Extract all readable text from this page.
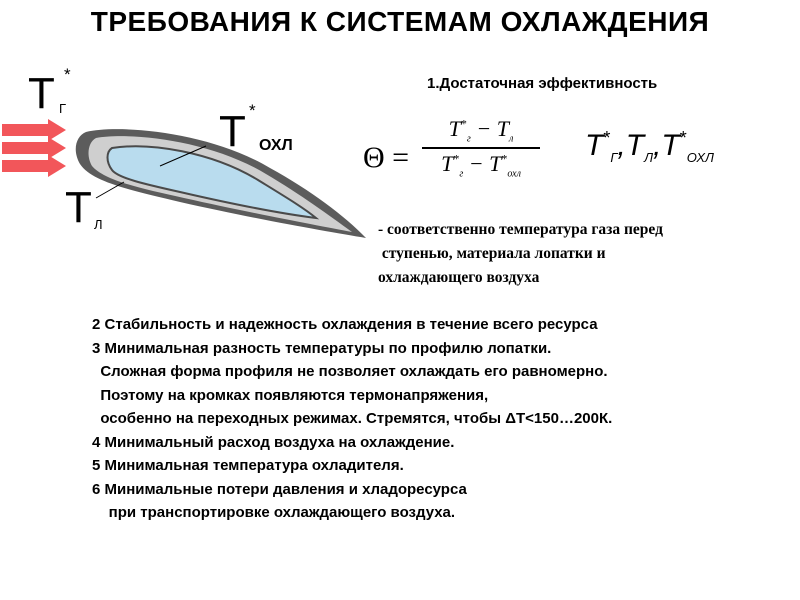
ТРЕБОВАНИЯ К СИСТЕМАМ ОХЛАЖДЕНИЯ
T *
Г	T *
ОХЛ
T Л
1.Достаточная эффективность
Θ =
$T^*_г - T_л$
$T^*_г - T^*_{охл}$
$T^*_Г,T_Л,T^*_{ОХЛ}$
- соответственно температура газа перед
ступенью, материала лопатки и
охлаждающего воздуха
2 Стабильность и надежность охлаждения в течение всего ресурса
3 Минимальная разность температуры по профилю лопатки.
Сложная форма профиля не позволяет охлаждать его равномерно.
Поэтому на кромках появляются термонапряжения,
особенно на переходных режимах. Стремятся, чтобы ΔT<150…200К.
4 Минимальный расход воздуха на охлаждение.
5 Минимальная температура охладителя.
6 Минимальные потери давления и хладоресурса
при транспортировке охлаждающего воздуха.
